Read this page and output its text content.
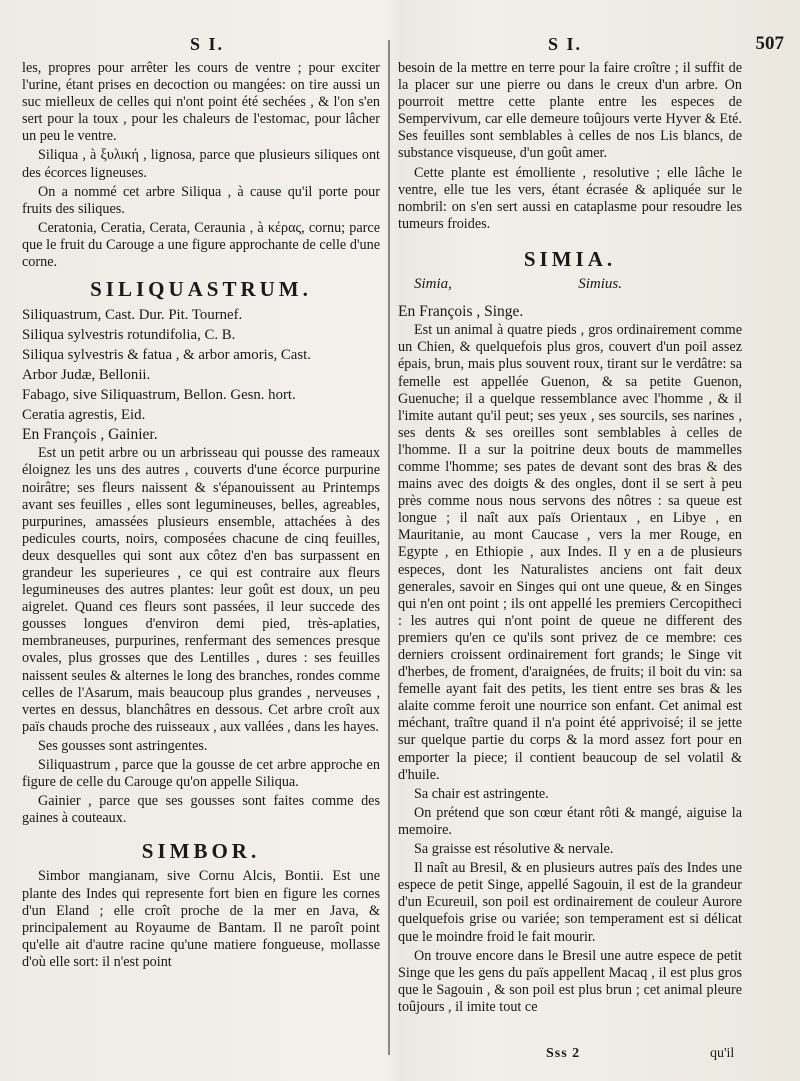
S I.	S I.	507

les, propres pour arrêter les cours de ventre ; pour exciter l'urine, étant prises en decoction ou mangées: on tire aussi un suc mielleux de celles qui n'ont point été sechées , & l'on s'en sert pour la toux , pour les chaleurs de l'estomac, pour lâcher un peu le ventre.

Siliqua , à ξυλική , lignosa, parce que plusieurs siliques ont des écorces ligneuses.

On a nommé cet arbre Siliqua , à cause qu'il porte pour fruits des siliques.

Ceratonia, Ceratia, Cerata, Ceraunia , à κέρας, cornu; parce que le fruit du Carouge a une figure approchante de celle d'une corne.

SILIQUASTRUM.

Siliquastrum, Cast. Dur. Pit. Tournef.

Siliqua sylvestris rotundifolia, C. B.

Siliqua sylvestris & fatua , & arbor amoris, Cast.

Arbor Judæ, Bellonii.

Fabago, sive Siliquastrum, Bellon. Gesn. hort.

Ceratia agrestis, Eid.

En François , Gainier.

Est un petit arbre ou un arbrisseau qui pousse des rameaux éloignez les uns des autres , couverts d'une écorce purpurine noirâtre; ses fleurs naissent & s'épanouissent au Printemps avant ses feuilles , elles sont legumineuses, belles, agreables, purpurines, amassées plusieurs ensemble, attachées à des pedicules courts, noirs, composées chacune de cinq feuilles, deux desquelles qui sont aux côtez d'en bas surpassent en grandeur les superieures , ce qui est contraire aux fleurs legumineuses des autres plantes: leur goût est doux, un peu aigrelet. Quand ces fleurs sont passées, il leur succede des gousses longues d'environ demi pied, très-aplaties, membraneuses, purpurines, renfermant des semences presque ovales, plus grosses que des Lentilles , dures : ses feuilles naissent seules & alternes le long des branches, rondes comme celles de l'Asarum, mais beaucoup plus grandes , nerveuses , vertes en dessus, blanchâtres en dessous. Cet arbre croît aux païs chauds proche des ruisseaux , aux vallées , dans les hayes.

Ses gousses sont astringentes.

Siliquastrum , parce que la gousse de cet arbre approche en figure de celle du Carouge qu'on appelle Siliqua.

Gainier , parce que ses gousses sont faites comme des gaines à couteaux.

SIMBOR.

Simbor mangianam, sive Cornu Alcis, Bontii. Est une plante des Indes qui represente fort bien en figure les cornes d'un Eland ; elle croît proche de la mer en Java, & principalement au Royaume de Bantam. Il ne paroît point qu'elle ait d'autre racine qu'une matiere fongueuse, mollasse d'où elle sort: il n'est point

besoin de la mettre en terre pour la faire croître ; il suffit de la placer sur une pierre ou dans le creux d'un arbre. On pourroit mettre cette plante entre les especes de Sempervivum, car elle demeure toûjours verte Hyver & Eté. Ses feuilles sont semblables à celles de nos Lis blancs, de substance visqueuse, d'un goût amer.

Cette plante est émolliente , resolutive ; elle lâche le ventre, elle tue les vers, étant écrasée & apliquée sur le nombril: on s'en sert aussi en cataplasme pour resoudre les tumeurs froides.

SIMIA.
Simia,	Simius.

En François , Singe.

Est un animal à quatre pieds , gros ordinairement comme un Chien, & quelquefois plus gros, couvert d'un poil assez épais, brun, mais plus souvent roux, tirant sur le verdâtre: sa femelle est appellée Guenon, & sa petite Guenon, Guenuche; il a quelque ressemblance avec l'homme , & il l'imite autant qu'il peut; ses yeux , ses sourcils, ses narines , ses dents & ses oreilles sont semblables à celles de l'homme. Il a sur la poitrine deux bouts de mammelles comme l'homme; ses pates de devant sont des bras & des mains avec des doigts & des ongles, dont il se sert à peu près comme nous nous servons des nôtres : sa queue est longue ; il naît aux païs Orientaux , en Libye , en Mauritanie, au mont Caucase , vers la mer Rouge, en Egypte , en Ethiopie , aux Indes. Il y en a de plusieurs especes, dont les Naturalistes anciens ont fait deux generales, savoir en Singes qui ont une queue, & en Singes qui n'en ont point ; ils ont appellé les premiers Cercopitheci : les autres qui n'ont point de queue ne different des premiers qu'en ce qu'ils sont privez de ce membre: ces derniers croissent ordinairement fort grands; le Singe vit d'herbes, de froment, d'araignées, de fruits; il boit du vin: sa femelle ayant fait des petits, les tient entre ses bras & les alaite comme feroit une nourrice son enfant. Cet animal est méchant, traître quand il n'a point été apprivoisé; il se jette sur quelque partie du corps & la mord assez fort pour en emporter la piece; il contient beaucoup de sel volatil & d'huile.

Sa chair est astringente.

On prétend que son cœur étant rôti & mangé, aiguise la memoire.

Sa graisse est résolutive & nervale.

Il naît au Bresil, & en plusieurs autres païs des Indes une espece de petit Singe, appellé Sagouin, il est de la grandeur d'un Ecureuil, son poil est ordinairement de couleur Aurore quelquefois grise ou variée; son temperament est si délicat que le moindre froid le fait mourir.

On trouve encore dans le Bresil une autre espece de petit Singe que les gens du païs appellent Macaq , il est plus gros que le Sagouin , & son poil est plus brun ; cet animal pleure toûjours , il imite tout ce

Sss 2	qu'il
